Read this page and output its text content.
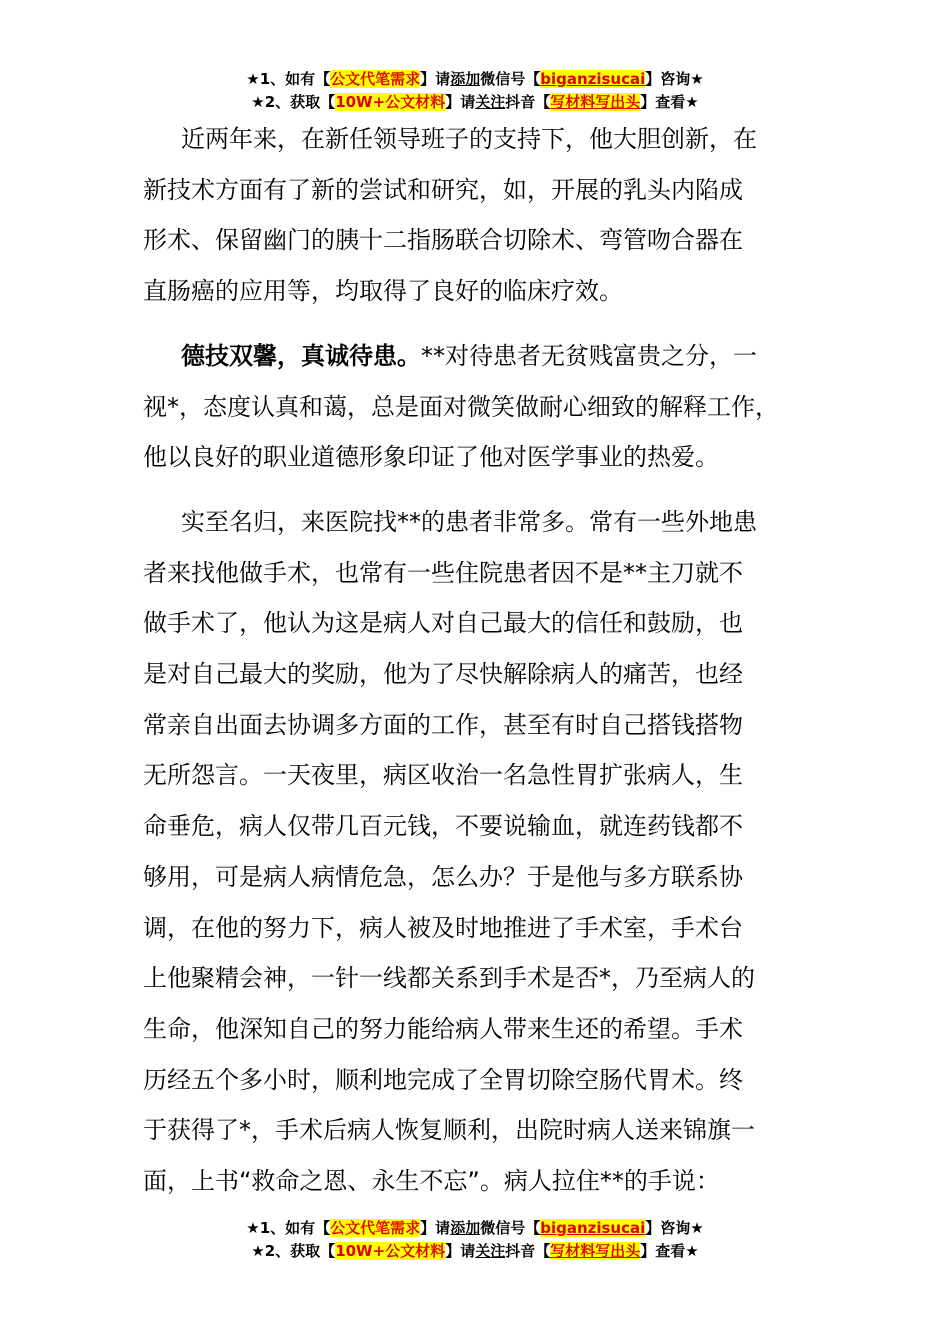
★1、如有【公文代笔需求】请添加微信号【biganzisucai】咨询★
★2、获取【10W+公文材料】请关注抖音【写材料写出头】查看★
近两年来，在新任领导班子的支持下，他大胆创新，在
新技术方面有了新的尝试和研究，如，开展的乳头内陷成
形术、保留幽门的胰十二指肠联合切除术、弯管吻合器在
直肠癌的应用等，均取得了良好的临床疗效。
德技双馨，真诚待患。**对待患者无贫贱富贵之分，一
视*，态度认真和蔼，总是面对微笑做耐心细致的解释工作，
他以良好的职业道德形象印证了他对医学事业的热爱。
实至名归，来医院找**的患者非常多。常有一些外地患
者来找他做手术，也常有一些住院患者因不是**主刀就不
做手术了，他认为这是病人对自己最大的信任和鼓励，也
是对自己最大的奖励，他为了尽快解除病人的痛苦，也经
常亲自出面去协调多方面的工作，甚至有时自己搭钱搭物
无所怨言。一天夜里，病区收治一名急性胃扩张病人，生
命垂危，病人仅带几百元钱，不要说输血，就连药钱都不
够用，可是病人病情危急，怎么办？于是他与多方联系协
调，在他的努力下，病人被及时地推进了手术室，手术台
上他聚精会神，一针一线都关系到手术是否*，乃至病人的
生命，他深知自己的努力能给病人带来生还的希望。手术
历经五个多小时，顺利地完成了全胃切除空肠代胃术。终
于获得了*，手术后病人恢复顺利，出院时病人送来锦旗一
面，上书“救命之恩、永生不忘”。病人拉住**的手说：
★1、如有【公文代笔需求】请添加微信号【biganzisucai】咨询★
★2、获取【10W+公文材料】请关注抖音【写材料写出头】查看★
